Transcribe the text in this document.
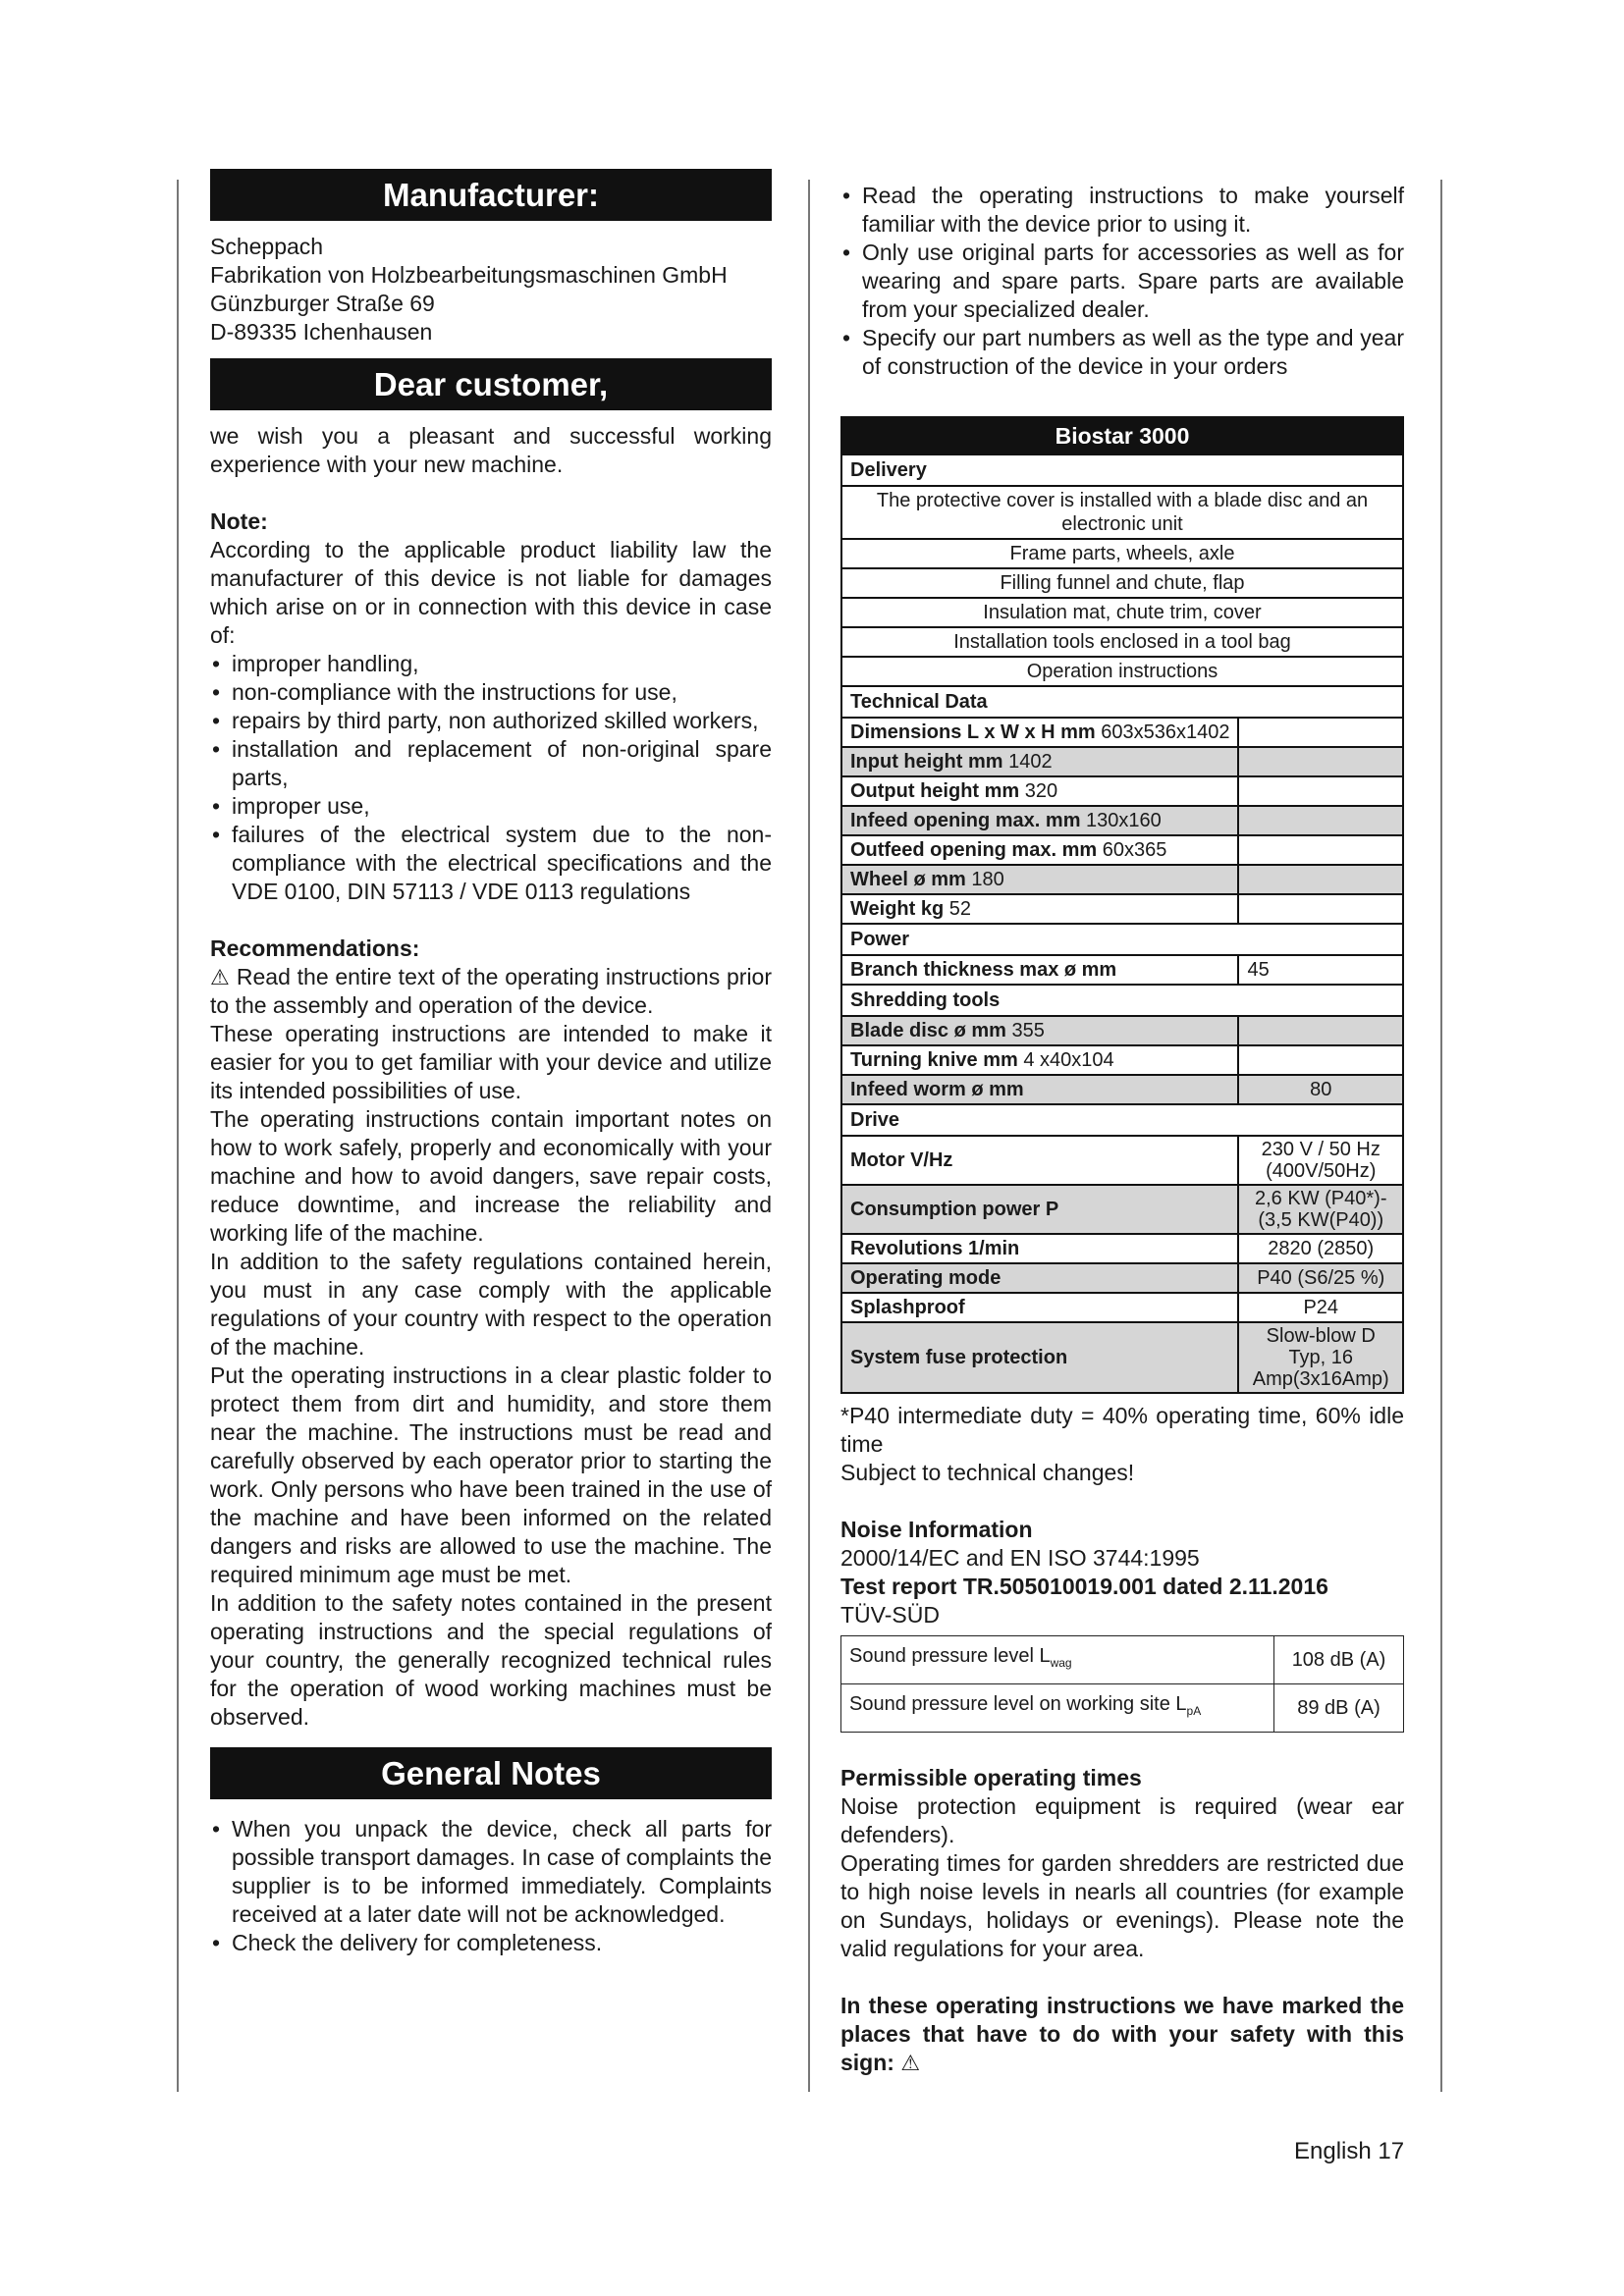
Manufacturer:

Scheppach

Fabrikation von Holzbearbeitungsmaschinen GmbH

Günzburger Straße 69

D-89335 Ichenhausen

Dear customer,

we wish you a pleasant and successful working experience with your new machine.

Note:

According to the applicable product liability law the manufacturer of this device is not liable for damages which arise on or in connection with this device in case of:

• improper handling,
• non-compliance with the instructions for use,
• repairs by third party, non authorized skilled workers,
• installation and replacement of non-original spare parts,
• improper use,
• failures of the electrical system due to the non-compliance with the electrical specifications and the VDE 0100, DIN 57113 / VDE 0113 regulations
Recommendations:

⚠ Read the entire text of the operating instructions prior to the assembly and operation of the device.

These operating instructions are intended to make it easier for you to get familiar with your device and utilize its intended possibilities of use.

The operating instructions contain important notes on how to work safely, properly and economically with your machine and how to avoid dangers, save repair costs, reduce downtime, and increase the reliability and working life of the machine.

In addition to the safety regulations contained herein, you must in any case comply with the applicable regulations of your country with respect to the operation of the machine.

Put the operating instructions in a clear plastic folder to protect them from dirt and humidity, and store them near the machine. The instructions must be read and carefully observed by each operator prior to starting the work. Only persons who have been trained in the use of the machine and have been informed on the related dangers and risks are allowed to use the machine. The required minimum age must be met.

In addition to the safety notes contained in the present operating instructions and the special regulations of your country, the generally recognized technical rules for the operation of wood working machines must be observed.

General Notes
• When you unpack the device, check all parts for possible transport damages. In case of complaints the supplier is to be informed immediately. Complaints received at a later date will not be acknowledged.
• Check the delivery for completeness.
• Read the operating instructions to make yourself familiar with the device prior to using it.
• Only use original parts for accessories as well as for wearing and spare parts. Spare parts are available from your specialized dealer.
• Specify our part numbers as well as the type and year of construction of the device in your orders
Biostar 3000	
Delivery	
The protective cover is installed with a blade disc and an electronic unit	
Frame parts, wheels, axle	
Filling funnel and chute, flap	
Insulation mat, chute trim, cover	
Installation tools enclosed in a tool bag	
Operation instructions	
Technical Data	
Dimensions L x W x H mm 603x536x1402	
Input height mm 1402	
Output height mm 320	
Infeed opening max. mm 130x160	
Outfeed opening max. mm 60x365	
Wheel ø mm 180	
Weight kg 52	
Power	
Branch thickness max ø mm	45
Shredding tools	
Blade disc ø mm 355	
Turning knive mm 4 x40x104	
Infeed worm ø mm	80
Drive	
Motor V/Hz	230 V / 50 Hz
(400V/50Hz)

Consumption power P	2,6 KW (P40*)-(3,5 KW(P40))
Revolutions 1/min	2820 (2850)
Operating mode	P40 (S6/25 %)
Splashproof	P24
System fuse protection	Slow-blow D Typ, 16 Amp(3x16Amp)

*P40 intermediate duty = 40% operating time, 60% idle time

Subject to technical changes!

Noise Information

2000/14/EC and EN ISO 3744:1995

Test report TR.505010019.001 dated 2.11.2016

TÜV-SÜD

Sound pressure level $L_{wag}$	108 dB (A)
Sound pressure level on working site $L_{pA}$	89 dB (A)
Permissible operating times

Noise protection equipment is required (wear ear defenders).

Operating times for garden shredders are restricted due to high noise levels in nearls all countries (for example on Sundays, holidays or evenings). Please note the valid regulations for your area.

In these operating instructions we have marked the places that have to do with your safety with this sign: ⚠

English 17
